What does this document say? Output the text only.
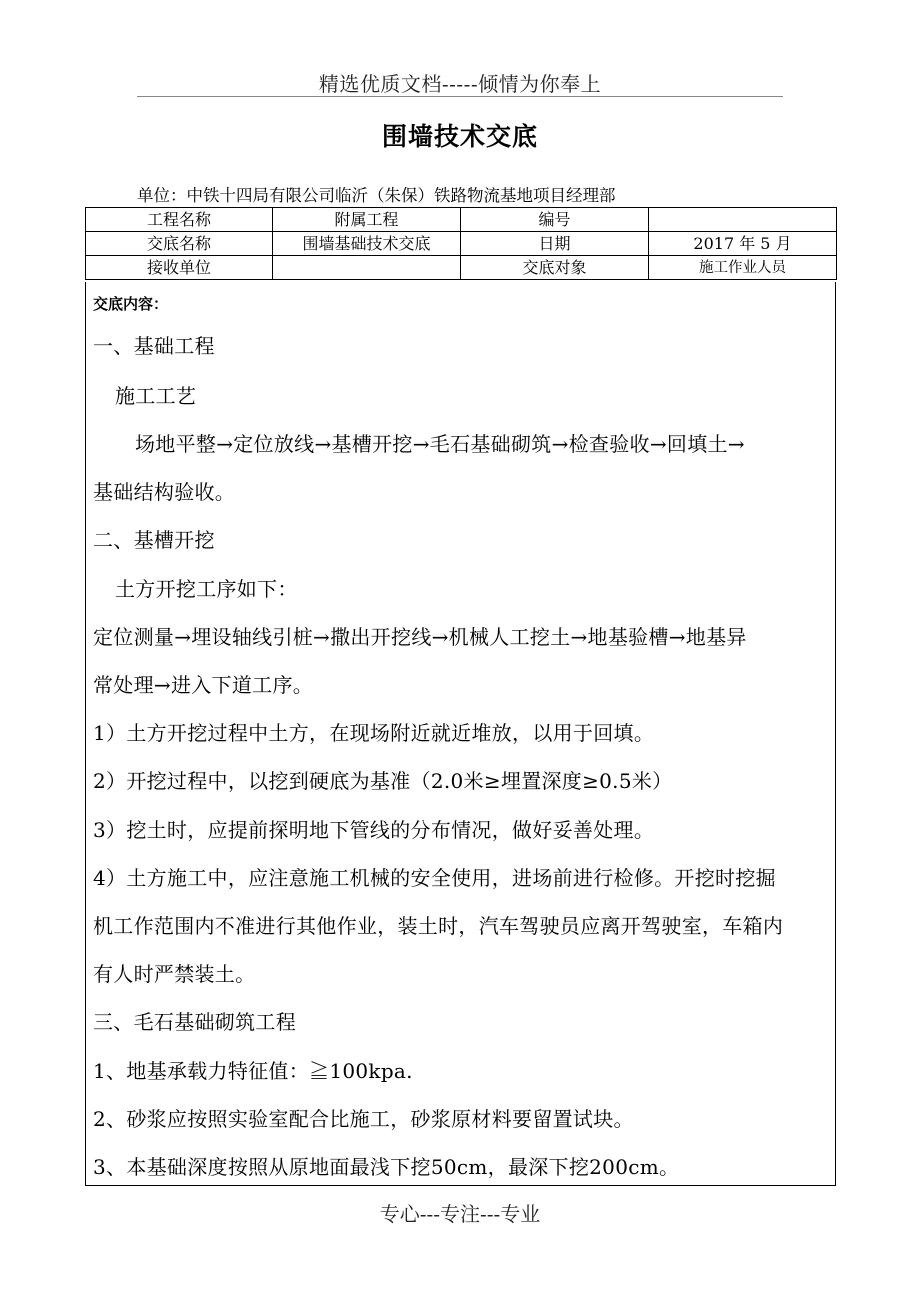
精选优质文档-----倾情为你奉上
围墙技术交底
单位：中铁十四局有限公司临沂（朱保）铁路物流基地项目经理部
工程名称	附属工程	编号	
交底名称	围墙基础技术交底	日期	2017 年 5 月
接收单位		交底对象	施工作业人员
交底内容：
一、基础工程
施工工艺
场地平整→定位放线→基槽开挖→毛石基础砌筑→检查验收→回填土→
基础结构验收。
二、基槽开挖
土方开挖工序如下：
定位测量→埋设轴线引桩→撒出开挖线→机械人工挖土→地基验槽→地基异
常处理→进入下道工序。
1）土方开挖过程中土方，在现场附近就近堆放，以用于回填。
2）开挖过程中，以挖到硬底为基准（2.0米≥埋置深度≥0.5米）
3）挖土时，应提前探明地下管线的分布情况，做好妥善处理。
4）土方施工中，应注意施工机械的安全使用，进场前进行检修。开挖时挖掘
机工作范围内不准进行其他作业，装土时，汽车驾驶员应离开驾驶室，车箱内
有人时严禁装土。
三、毛石基础砌筑工程
1、地基承载力特征值：≧100kpa.
2、砂浆应按照实验室配合比施工，砂浆原材料要留置试块。
3、本基础深度按照从原地面最浅下挖50cm，最深下挖200cm。
专心---专注---专业
